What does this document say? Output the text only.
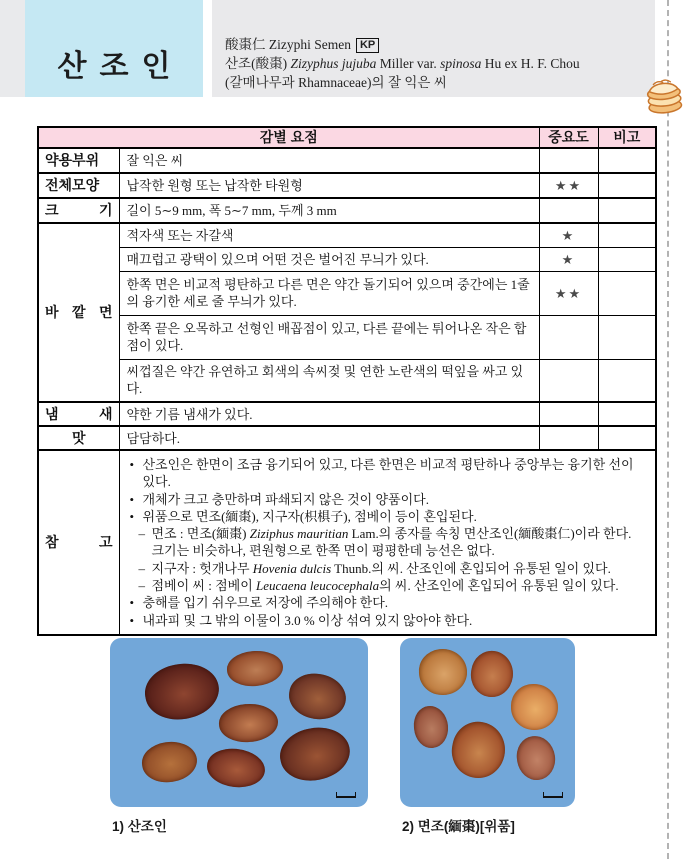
산조인
酸棗仁 Zizyphi Semen KP
산조(酸棗) Zizyphus jujuba Miller var. spinosa Hu ex H. F. Chou
(갈매나무과 Rhamnaceae)의 잘 익은 씨
감별 요점		중요도	비고
약용부위	잘 익은 씨		
전체모양	납작한 원형 또는 납작한 타원형	★★	
크 기	길이 5∼9 mm, 폭 5∼7 mm, 두께 3 mm		
바 깥 면	적자색 또는 자갈색	★	
	매끄럽고 광택이 있으며 어떤 것은 벌어진 무늬가 있다.	★	
	한쪽 면은 비교적 평탄하고 다른 면은 약간 돌기되어 있으며 중간에는 1줄의 융기한 세로 줄 무늬가 있다.	★★	
	한쪽 끝은 오목하고 선형인 배꼽점이 있고, 다른 끝에는 튀어나온 작은 합점이 있다.		
	씨껍질은 약간 유연하고 회색의 속씨젖 및 연한 노란색의 떡잎을 싸고 있다.		
냄 새	약한 기름 냄새가 있다.		
맛	담담하다.		
참 고	
• 산조인은 한면이 조금 융기되어 있고, 다른 한면은 비교적 평탄하나 중앙부는 융기한 선이 있다.
• 개체가 크고 충만하며 파쇄되지 않은 것이 양품이다.
• 위품으로 면조(緬棗), 지구자(枳椇子), 점베이 등이 혼입된다.
– 면조 : 면조(緬棗) Ziziphus mauritian Lam.의 종자를 속칭 면산조인(緬酸棗仁)이라 한다. 크기는 비슷하나, 편원형으로 한쪽 면이 평평한데 능선은 없다.
– 지구자 : 헛개나무 Hovenia dulcis Thunb.의 씨. 산조인에 혼입되어 유통된 일이 있다.
– 점베이 씨 : 점베이 Leucaena leucocephala의 씨. 산조인에 혼입되어 유통된 일이 있다.
• 충해를 입기 쉬우므로 저장에 주의해야 한다.
• 내과피 및 그 밖의 이물이 3.0 % 이상 섞여 있지 않아야 한다.
1) 산조인	2) 면조(緬棗)[위품]
